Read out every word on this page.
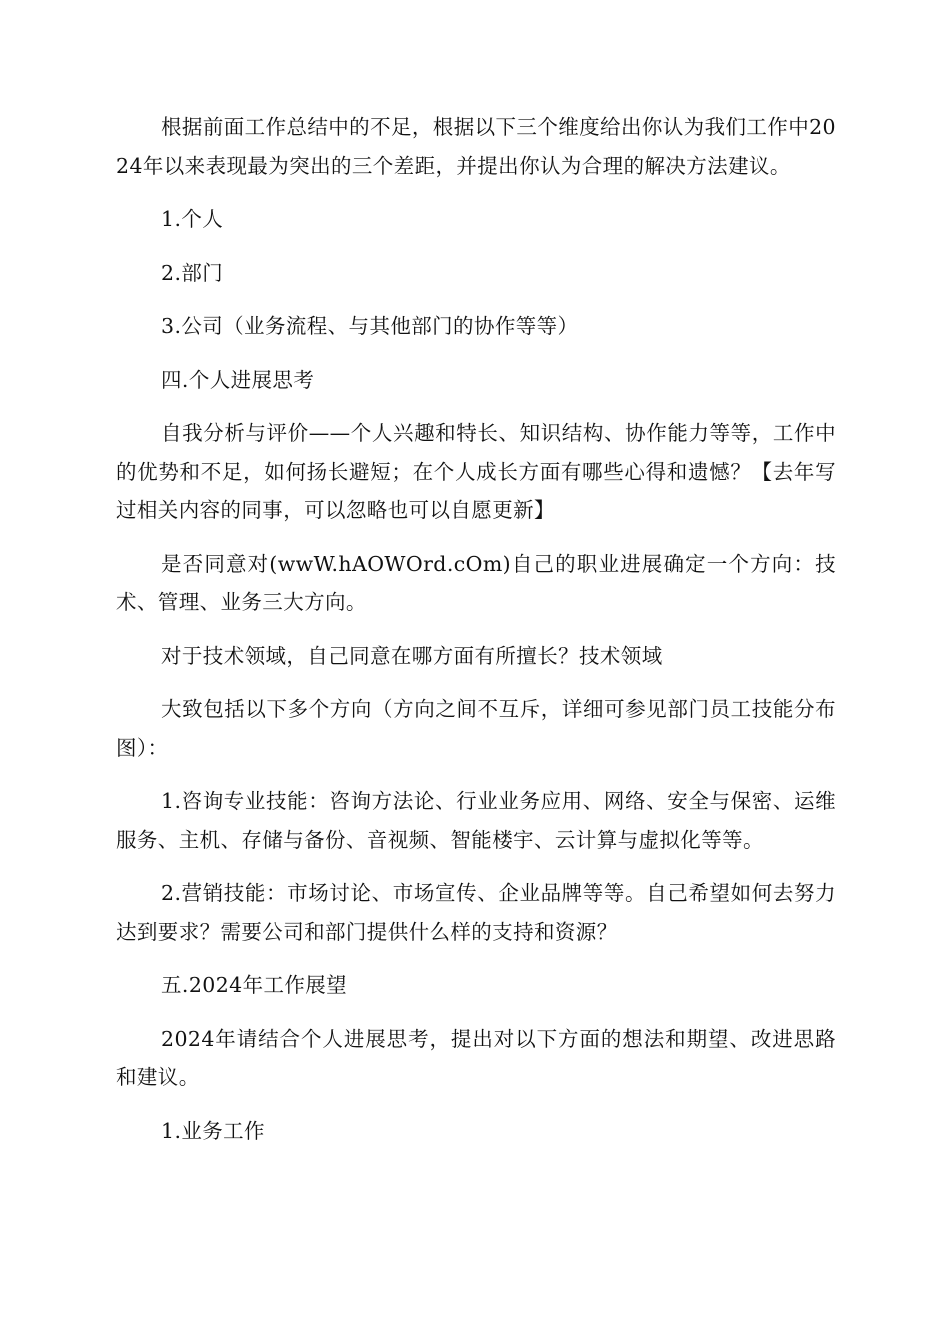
根据前面工作总结中的不足，根据以下三个维度给出你认为我们工作中2024年以来表现最为突出的三个差距，并提出你认为合理的解决方法建议。

1.个人

2.部门

3.公司（业务流程、与其他部门的协作等等）

四.个人进展思考

自我分析与评价——个人兴趣和特长、知识结构、协作能力等等，工作中的优势和不足，如何扬长避短；在个人成长方面有哪些心得和遗憾？【去年写过相关内容的同事，可以忽略也可以自愿更新】

是否同意对(wwW.hAOWOrd.cOm)自己的职业进展确定一个方向：技术、管理、业务三大方向。

对于技术领域，自己同意在哪方面有所擅长？技术领域

大致包括以下多个方向（方向之间不互斥，详细可参见部门员工技能分布图）：

1.咨询专业技能：咨询方法论、行业业务应用、网络、安全与保密、运维服务、主机、存储与备份、音视频、智能楼宇、云计算与虚拟化等等。

2.营销技能：市场讨论、市场宣传、企业品牌等等。自己希望如何去努力达到要求？需要公司和部门提供什么样的支持和资源？

五.2024年工作展望

2024年请结合个人进展思考，提出对以下方面的想法和期望、改进思路和建议。

1.业务工作
